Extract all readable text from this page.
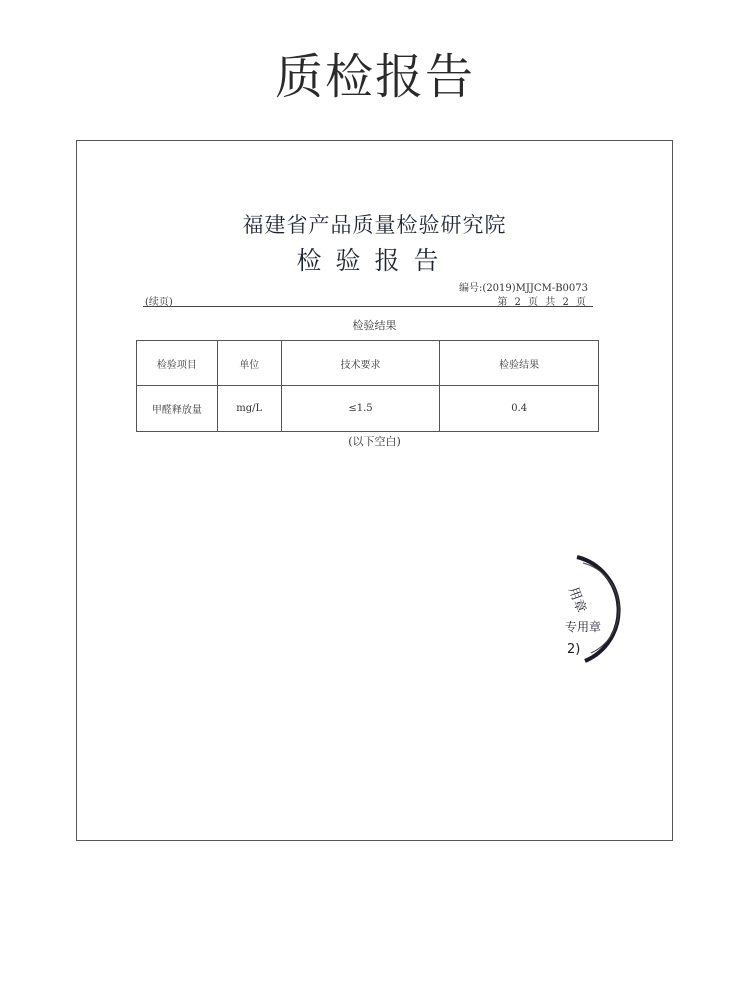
质检报告
福建省产品质量检验研究院
检验报告
编号:(2019)MJJCM-B0073
(续页)	第 2 页 共 2 页
检验结果
检验项目	单位	技术要求	检验结果
甲醛释放量	mg/L	≤1.5	0.4
(以下空白)
用章
专用章
2)
